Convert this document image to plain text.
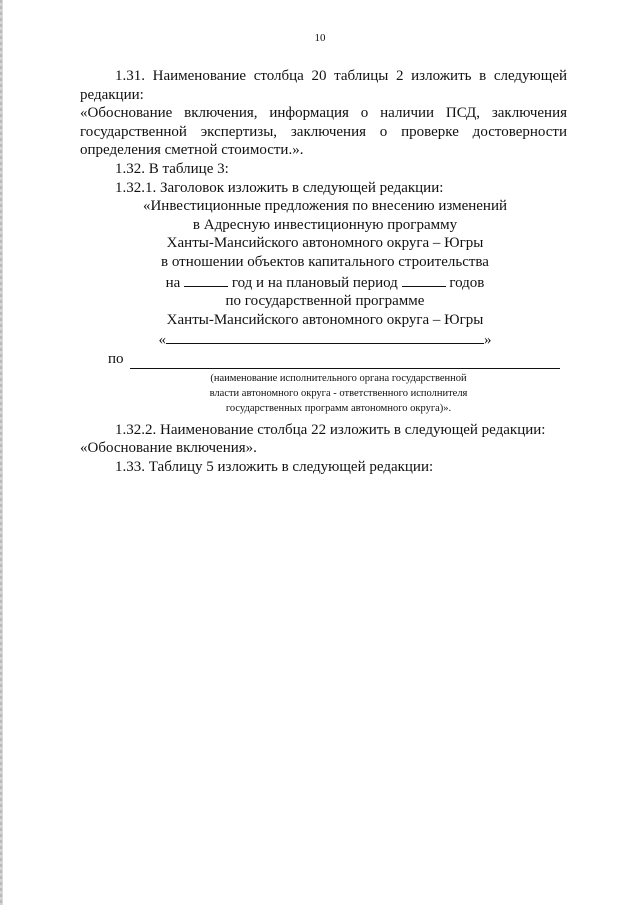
10

1.31. Наименование столбца 20 таблицы 2 изложить в следующей

редакции:

«Обоснование включения, информация о наличии ПСД, заключения

государственной экспертизы, заключения о проверке достоверности

определения сметной стоимости.».

1.32. В таблице 3:

1.32.1. Заголовок изложить в следующей редакции:

«Инвестиционные предложения по внесению изменений

в Адресную инвестиционную программу

Ханты-Мансийского автономного округа – Югры

в отношении объектов капитального строительства

на	год и на плановый период	годов

по государственной программе

Ханты-Мансийского автономного округа – Югры

«	»

по

(наименование исполнительного органа государственной

власти автономного округа - ответственного исполнителя

государственных программ автономного округа)».

1.32.2. Наименование столбца 22 изложить в следующей редакции:

«Обоснование включения».

1.33. Таблицу 5 изложить в следующей редакции:
